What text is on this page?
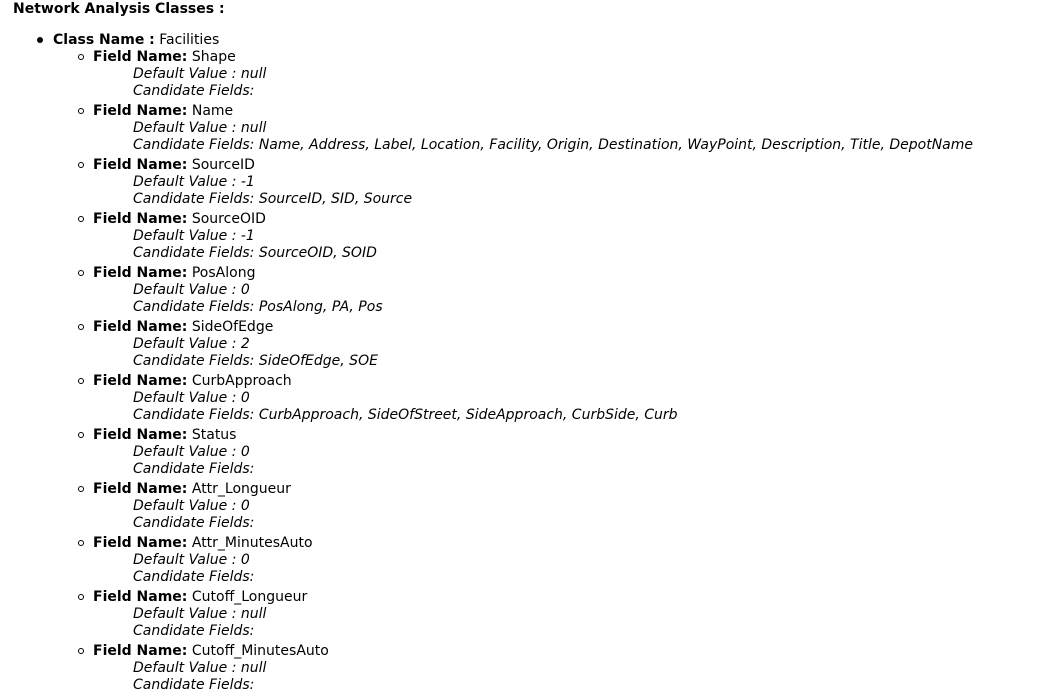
Network Analysis Classes :
Class Name : Facilities
Field Name: Shape
Default Value : null
Candidate Fields:
Field Name: Name
Default Value : null
Candidate Fields: Name, Address, Label, Location, Facility, Origin, Destination, WayPoint, Description, Title, DepotName
Field Name: SourceID
Default Value : -1
Candidate Fields: SourceID, SID, Source
Field Name: SourceOID
Default Value : -1
Candidate Fields: SourceOID, SOID
Field Name: PosAlong
Default Value : 0
Candidate Fields: PosAlong, PA, Pos
Field Name: SideOfEdge
Default Value : 2
Candidate Fields: SideOfEdge, SOE
Field Name: CurbApproach
Default Value : 0
Candidate Fields: CurbApproach, SideOfStreet, SideApproach, CurbSide, Curb
Field Name: Status
Default Value : 0
Candidate Fields:
Field Name: Attr_Longueur
Default Value : 0
Candidate Fields:
Field Name: Attr_MinutesAuto
Default Value : 0
Candidate Fields:
Field Name: Cutoff_Longueur
Default Value : null
Candidate Fields:
Field Name: Cutoff_MinutesAuto
Default Value : null
Candidate Fields:
